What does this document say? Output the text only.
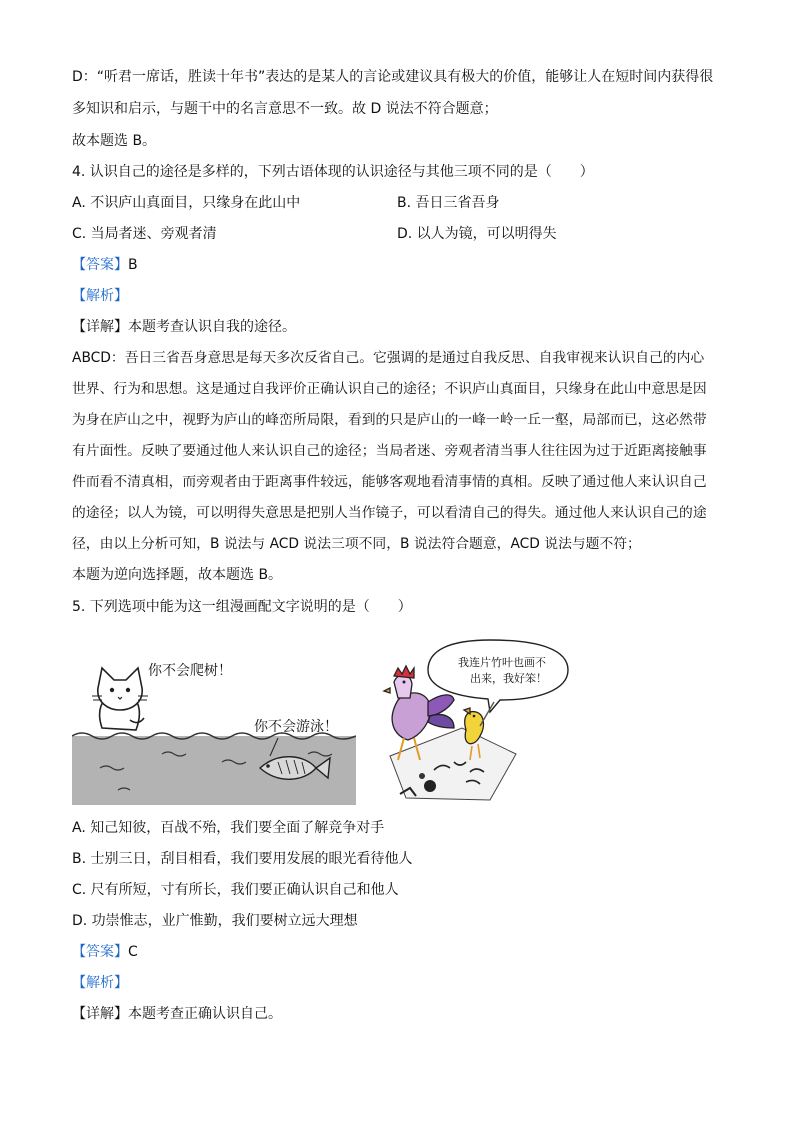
D：“听君一席话，胜读十年书”表达的是某人的言论或建议具有极大的价值，能够让人在短时间内获得很
多知识和启示，与题干中的名言意思不一致。故 D 说法不符合题意；
故本题选 B。
4. 认识自己的途径是多样的，下列古语体现的认识途径与其他三项不同的是（　　）
A. 不识庐山真面目，只缘身在此山中	B. 吾日三省吾身
C. 当局者迷、旁观者清	D. 以人为镜，可以明得失
【答案】B
【解析】
【详解】本题考查认识自我的途径。
ABCD：吾日三省吾身意思是每天多次反省自己。它强调的是通过自我反思、自我审视来认识自己的内心
世界、行为和思想。这是通过自我评价正确认识自己的途径；不识庐山真面目，只缘身在此山中意思是因
为身在庐山之中，视野为庐山的峰峦所局限，看到的只是庐山的一峰一岭一丘一壑，局部而已，这必然带
有片面性。反映了要通过他人来认识自己的途径；当局者迷、旁观者清当事人往往因为过于近距离接触事
件而看不清真相，而旁观者由于距离事件较远，能够客观地看清事情的真相。反映了通过他人来认识自己
的途径；以人为镜，可以明得失意思是把别人当作镜子，可以看清自己的得失。通过他人来认识自己的途
径，由以上分析可知，B 说法与 ACD 说法三项不同，B 说法符合题意，ACD 说法与题不符；
本题为逆向选择题，故本题选 B。
5. 下列选项中能为这一组漫画配文字说明的是（　　）
你不会爬树！
你不会游泳！
我连片竹叶也画不
出来，我好笨！
A. 知己知彼，百战不殆，我们要全面了解竞争对手
B. 士别三日，刮目相看，我们要用发展的眼光看待他人
C. 尺有所短，寸有所长，我们要正确认识自己和他人
D. 功崇惟志，业广惟勤，我们要树立远大理想
【答案】C
【解析】
【详解】本题考查正确认识自己。
